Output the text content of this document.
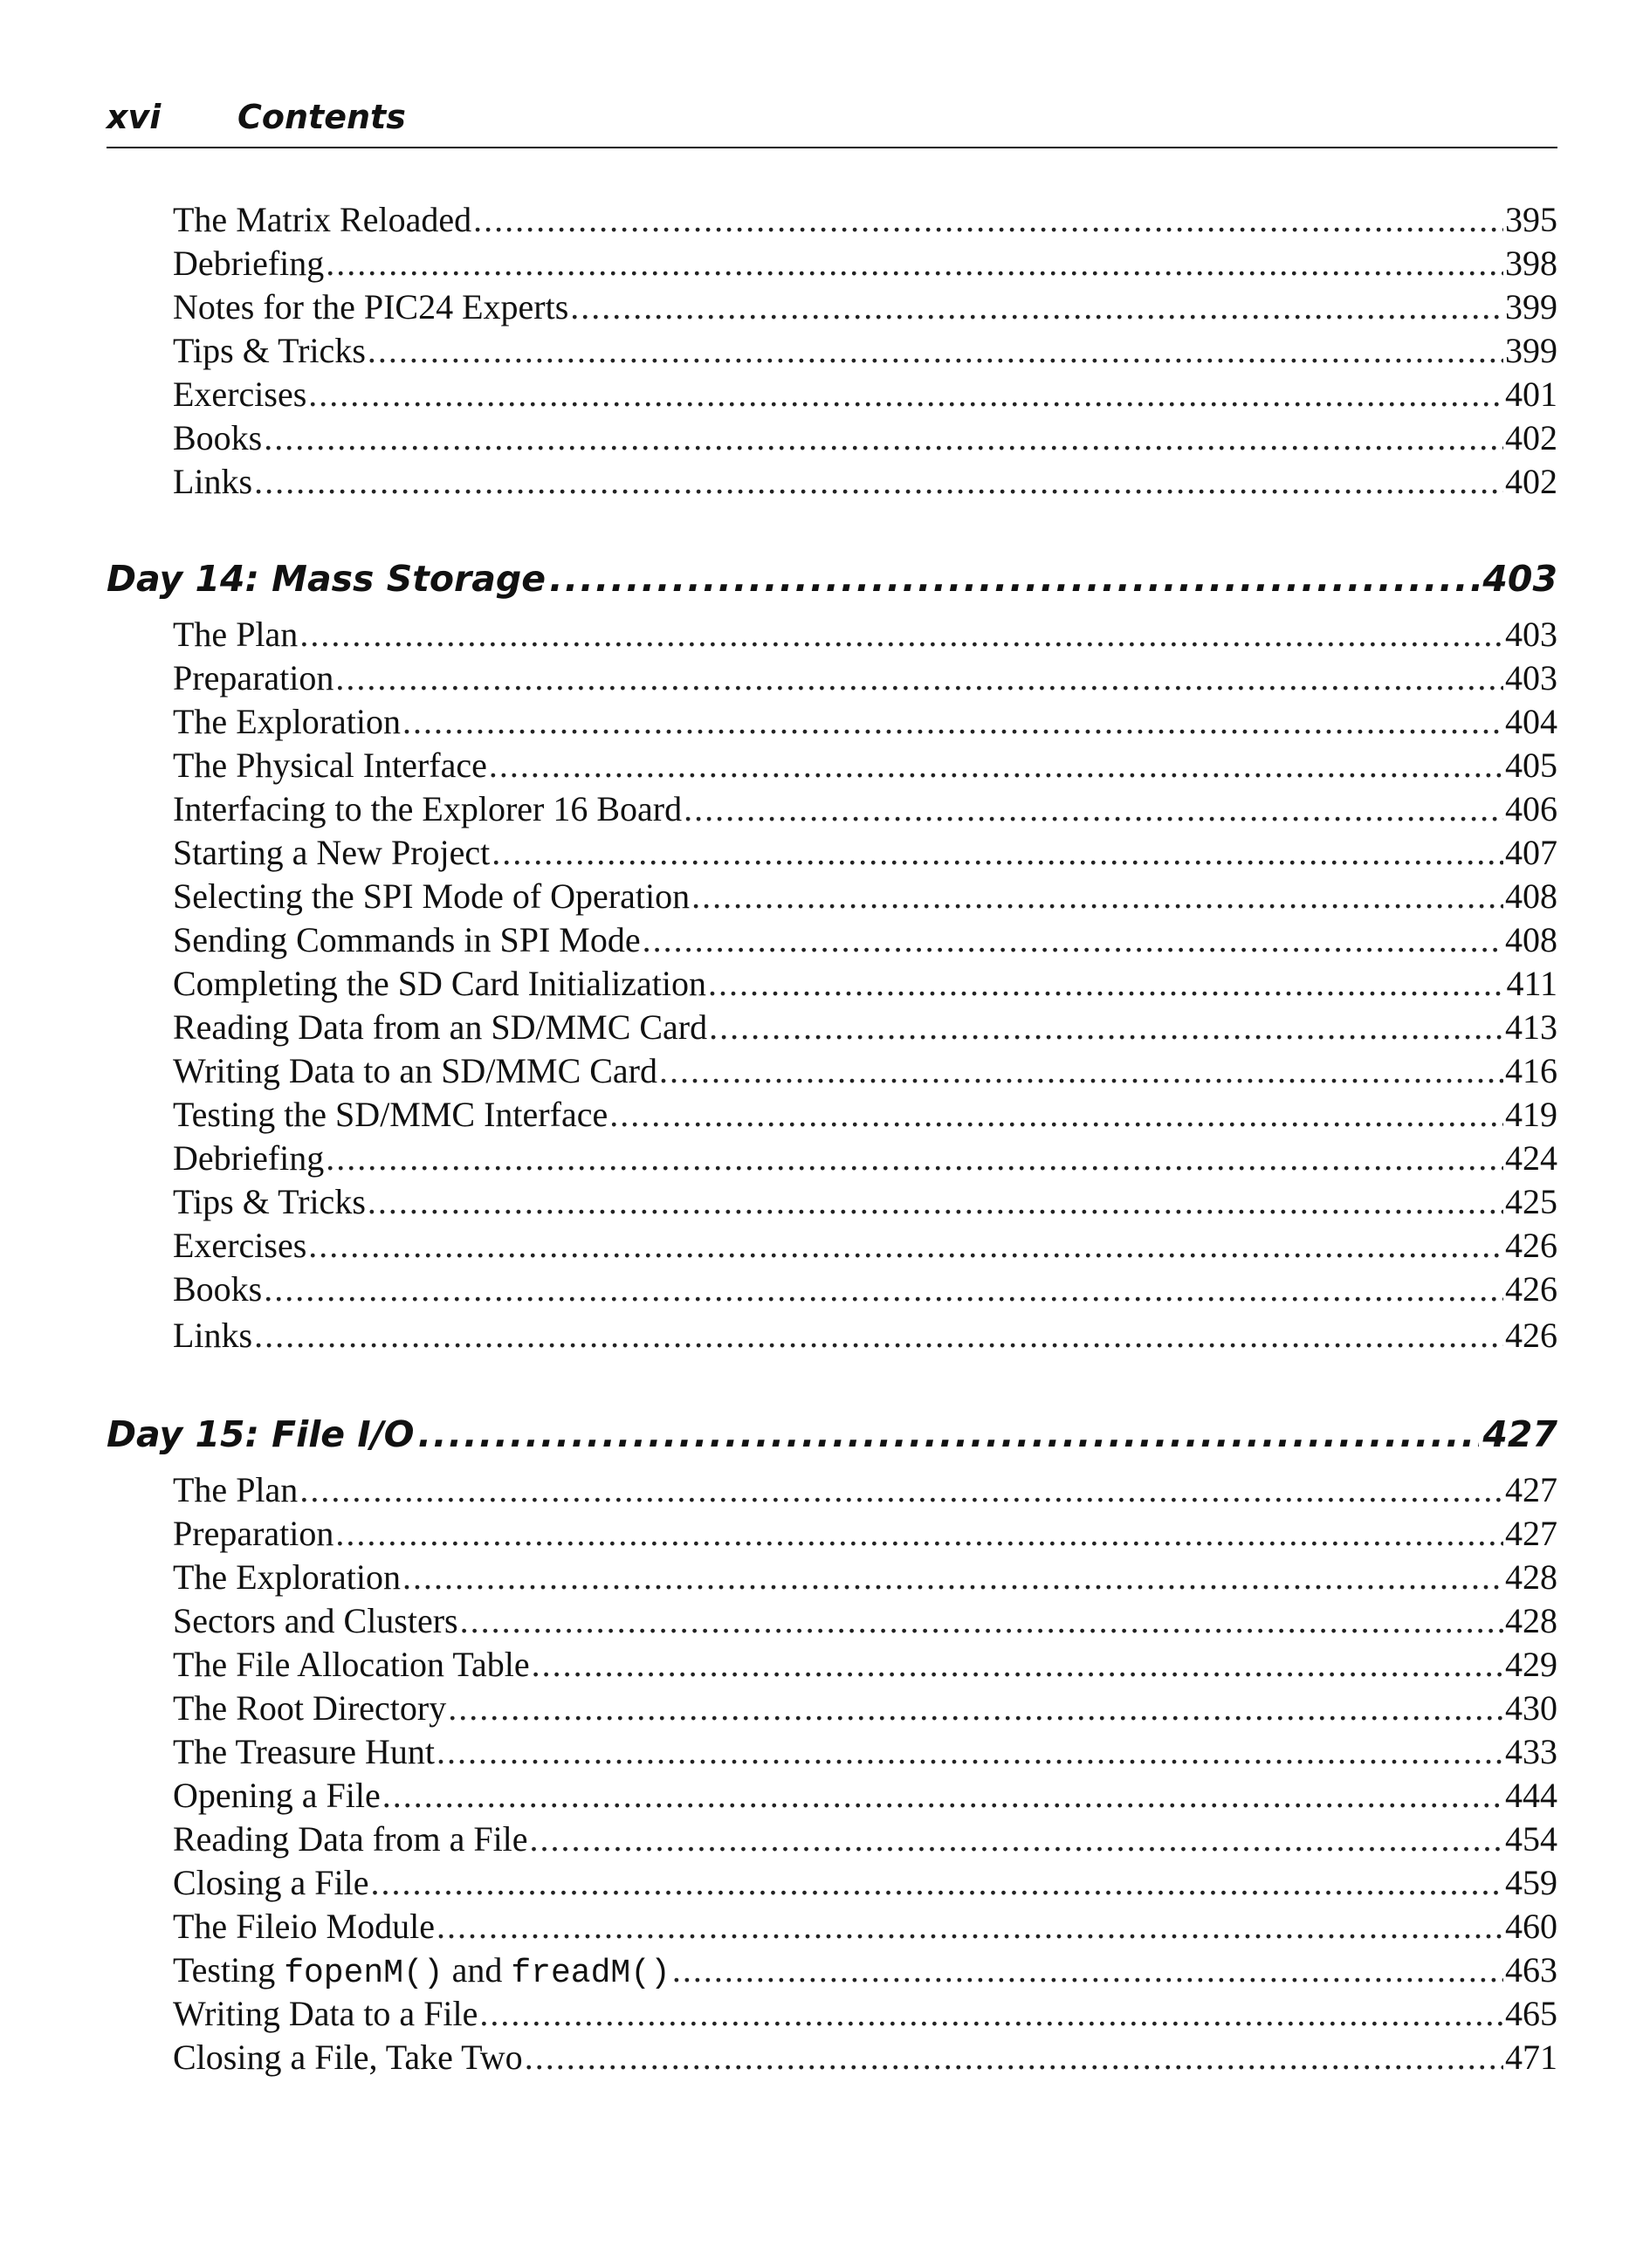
xvi Contents
The Matrix Reloaded .....	395
Debriefing .....	398
Notes for the PIC24 Experts .....	399
Tips & Tricks .....	399
Exercises .....	401
Books .....	402
Links .....	402
Day 14: Mass Storage .....	403
The Plan .....	403
Preparation .....	403
The Exploration .....	404
The Physical Interface .....	405
Interfacing to the Explorer 16 Board .....	406
Starting a New Project .....	407
Selecting the SPI Mode of Operation .....	408
Sending Commands in SPI Mode .....	408
Completing the SD Card Initialization .....	411
Reading Data from an SD/MMC Card .....	413
Writing Data to an SD/MMC Card .....	416
Testing the SD/MMC Interface .....	419
Debriefing .....	424
Tips & Tricks .....	425
Exercises .....	426
Books .....	426
Links .....	426
Day 15: File I/O .....	427
The Plan .....	427
Preparation .....	427
The Exploration .....	428
Sectors and Clusters .....	428
The File Allocation Table .....	429
The Root Directory .....	430
The Treasure Hunt .....	433
Opening a File .....	444
Reading Data from a File .....	454
Closing a File .....	459
The Fileio Module .....	460
Testing fopenM() and freadM() .....	463
Writing Data to a File .....	465
Closing a File, Take Two .....	471
